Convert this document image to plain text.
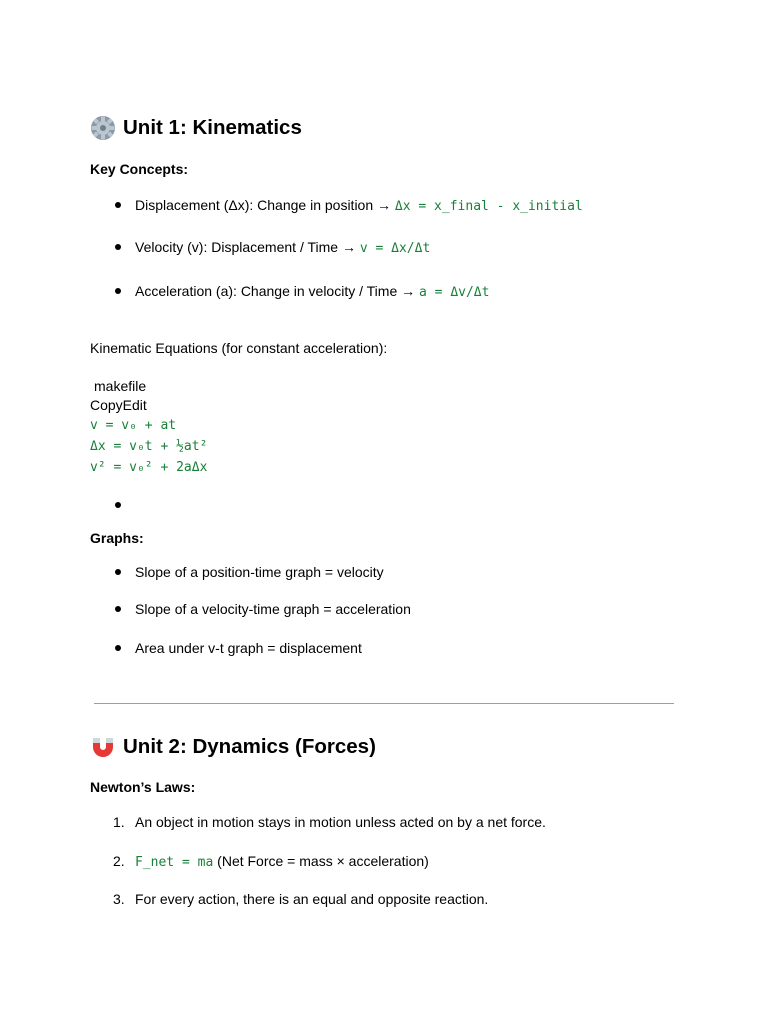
Unit 1: Kinematics
Key Concepts:
Displacement (Δx): Change in position → Δx = x_final - x_initial
Velocity (v): Displacement / Time → v = Δx/Δt
Acceleration (a): Change in velocity / Time → a = Δv/Δt
Kinematic Equations (for constant acceleration):
makefile
CopyEdit
v = v₀ + at
Δx = v₀t + ½at²
v² = v₀² + 2aΔx
Graphs:
Slope of a position-time graph = velocity
Slope of a velocity-time graph = acceleration
Area under v-t graph = displacement
Unit 2: Dynamics (Forces)
Newton’s Laws:
1. An object in motion stays in motion unless acted on by a net force.
2. F_net = ma (Net Force = mass × acceleration)
3. For every action, there is an equal and opposite reaction.
